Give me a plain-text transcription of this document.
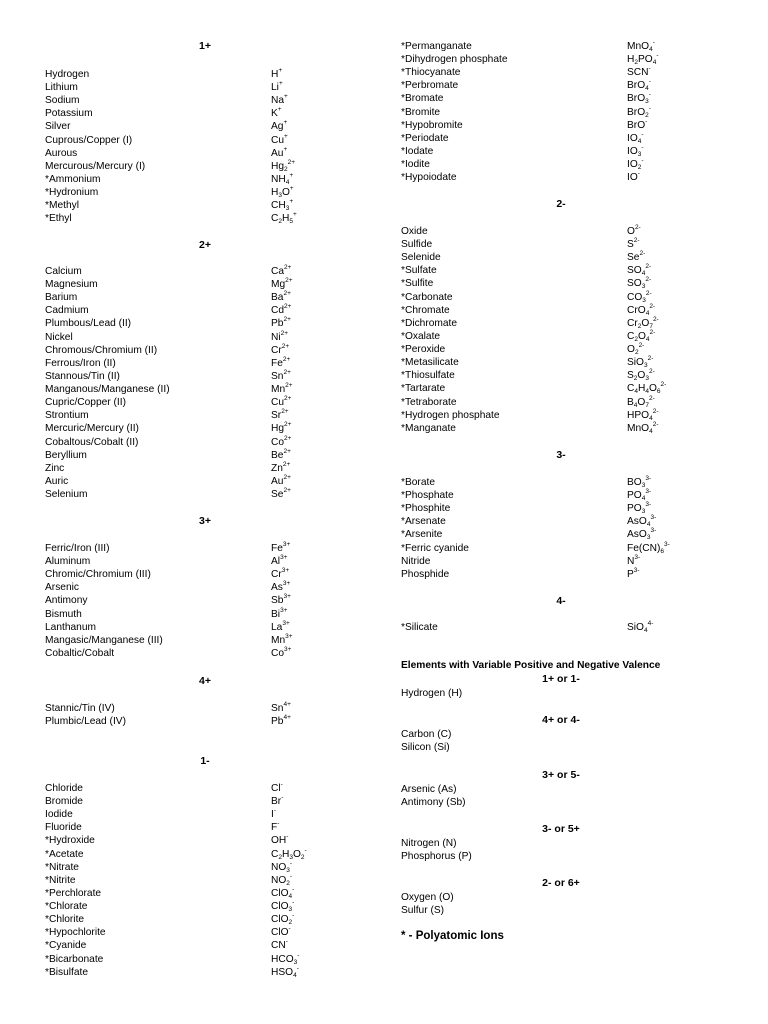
1+
Hydrogen	H+
Lithium	Li+
Sodium	Na+
Potassium	K+
Silver	Ag+
Cuprous/Copper (I)	Cu+
Aurous	Au+
Mercurous/Mercury (I)	$Hg_2^{2+}$
*Ammonium	$NH_4^+$
*Hydronium	$H_3O^+$
*Methyl	$CH_3^+$
*Ethyl	$C_2H_5^+$
2+
Calcium	$Ca^{2+}$
Magnesium	$Mg^{2+}$
Barium	$Ba^{2+}$
Cadmium	$Cd^{2+}$
Plumbous/Lead (II)	$Pb^{2+}$
Nickel	$Ni^{2+}$
Chromous/Chromium (II)	$Cr^{2+}$
Ferrous/Iron (II)	$Fe^{2+}$
Stannous/Tin (II)	$Sn^{2+}$
Manganous/Manganese (II)	$Mn^{2+}$
Cupric/Copper (II)	$Cu^{2+}$
Strontium	$Sr^{2+}$
Mercuric/Mercury (II)	$Hg^{2+}$
Cobaltous/Cobalt (II)	$Co^{2+}$
Beryllium	$Be^{2+}$
Zinc	$Zn^{2+}$
Auric	$Au^{2+}$
Selenium	$Se^{2+}$
3+
Ferric/Iron (III)	$Fe^{3+}$
Aluminum	$Al^{3+}$
Chromic/Chromium (III)	$Cr^{3+}$
Arsenic	$As^{3+}$
Antimony	$Sb^{3+}$
Bismuth	$Bi^{3+}$
Lanthanum	$La^{3+}$
Mangasic/Manganese (III)	$Mn^{3+}$
Cobaltic/Cobalt	$Co^{3+}$
4+
Stannic/Tin (IV)	$Sn^{4+}$
Plumbic/Lead (IV)	$Pb^{4+}$
1-
Chloride	Cl-
Bromide	Br-
Iodide	I-
Fluoride	F-
*Hydroxide	OH-
*Acetate	$C_2H_3O_2^-$
*Nitrate	$NO_3^-$
*Nitrite	$NO_2^-$
*Perchlorate	ClO$_4$-
*Chlorate	ClO$_3$-
*Chlorite	ClO$_2$-
*Hypochlorite	ClO-
*Cyanide	CN-
*Bicarbonate	$HCO_3^-$
*Bisulfate	$HSO_4^-$
*Permanganate	MnO$_4$-
*Dihydrogen phosphate	$H_2PO_4^-$
*Thiocyanate	SCN-
*Perbromate	BrO$_4$-
*Bromate	BrO$_3$-
*Bromite	BrO$_2$-
*Hypobromite	BrO-
*Periodate	$IO_4^-$
*Iodate	$IO_3^-$
*Iodite	$IO_2^-$
*Hypoiodate	IO-
2-
Oxide	$O^{2-}$
Sulfide	$S^{2-}$
Selenide	$Se^{2-}$
*Sulfate	$SO_4^{2-}$
*Sulfite	$SO_3^{2-}$
*Carbonate	$CO_3^{2-}$
*Chromate	CrO$_4^{2-}$
*Dichromate	$Cr_2O_7^{2-}$
*Oxalate	$C_2O_4^{2-}$
*Peroxide	$O_2^{2-}$
*Metasilicate	SiO$_3^{2-}$
*Thiosulfate	$S_2O_3^{2-}$
*Tartarate	$C_4H_4O_6^{2-}$
*Tetraborate	$B_4O_7^{2-}$
*Hydrogen phosphate	$HPO_4^{2-}$
*Manganate	MnO$_4^{2-}$
3-
*Borate	$BO_3^{3-}$
*Phosphate	$PO_4^{3-}$
*Phosphite	$PO_3^{3-}$
*Arsenate	AsO$_4^{3-}$
*Arsenite	AsO$_3^{3-}$
*Ferric cyanide	$Fe(CN)_6^{3-}$
Nitride	$N^{3-}$
Phosphide	$P^{3-}$
4-
*Silicate	SiO$_4^{4-}$
Elements with Variable Positive and Negative Valence
1+ or 1-
Hydrogen (H)
4+ or 4-
Carbon (C)
Silicon (Si)
3+ or 5-
Arsenic (As)
Antimony (Sb)
3- or 5+
Nitrogen (N)
Phosphorus (P)
2- or 6+
Oxygen (O)
Sulfur (S)
* - Polyatomic Ions
